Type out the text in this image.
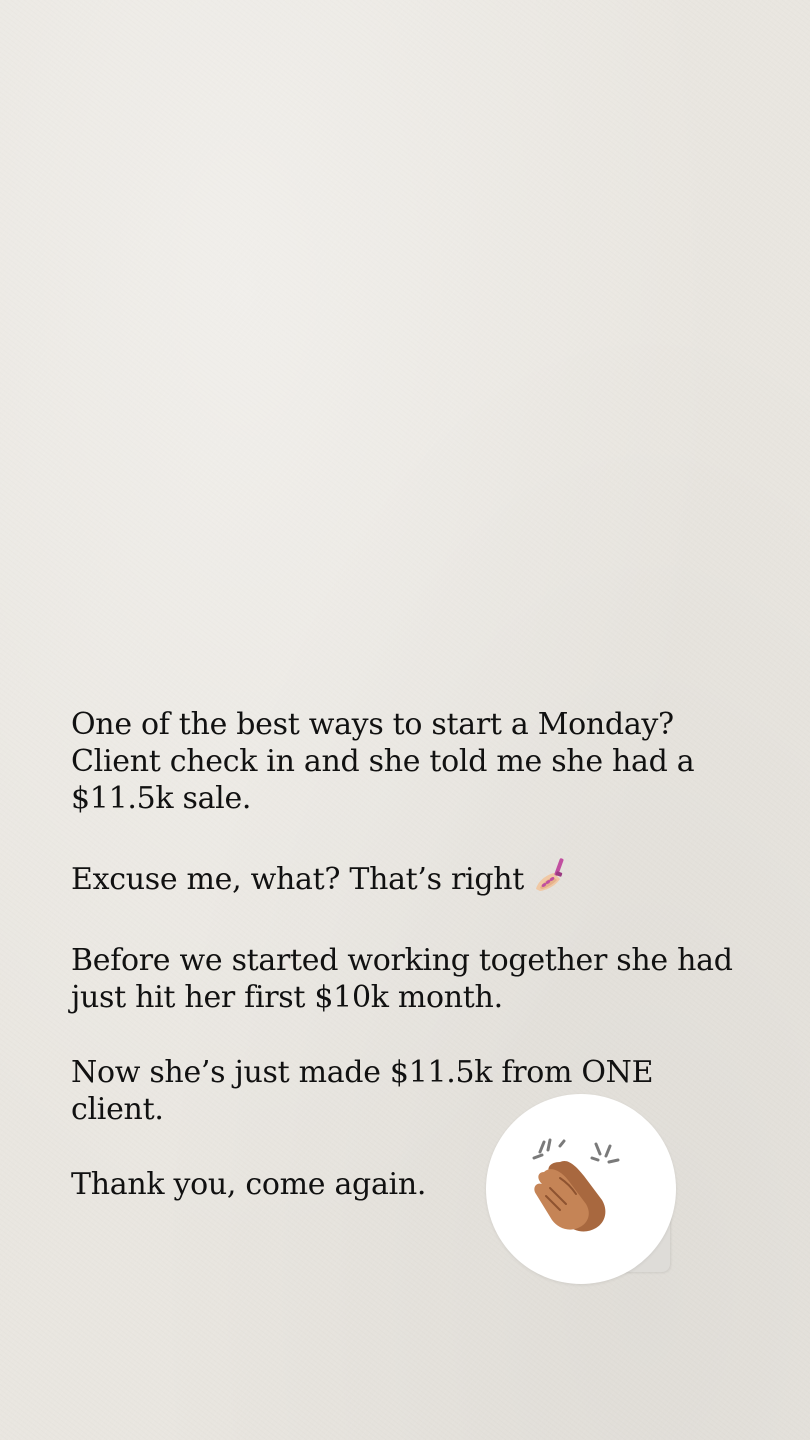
One of the best ways to start a Monday? Client check in and she told me she had a $11.5k sale.

Excuse me, what? That’s right

Before we started working together she had just hit her first $10k month.

Now she’s just made $11.5k from ONE client.

Thank you, come again.
